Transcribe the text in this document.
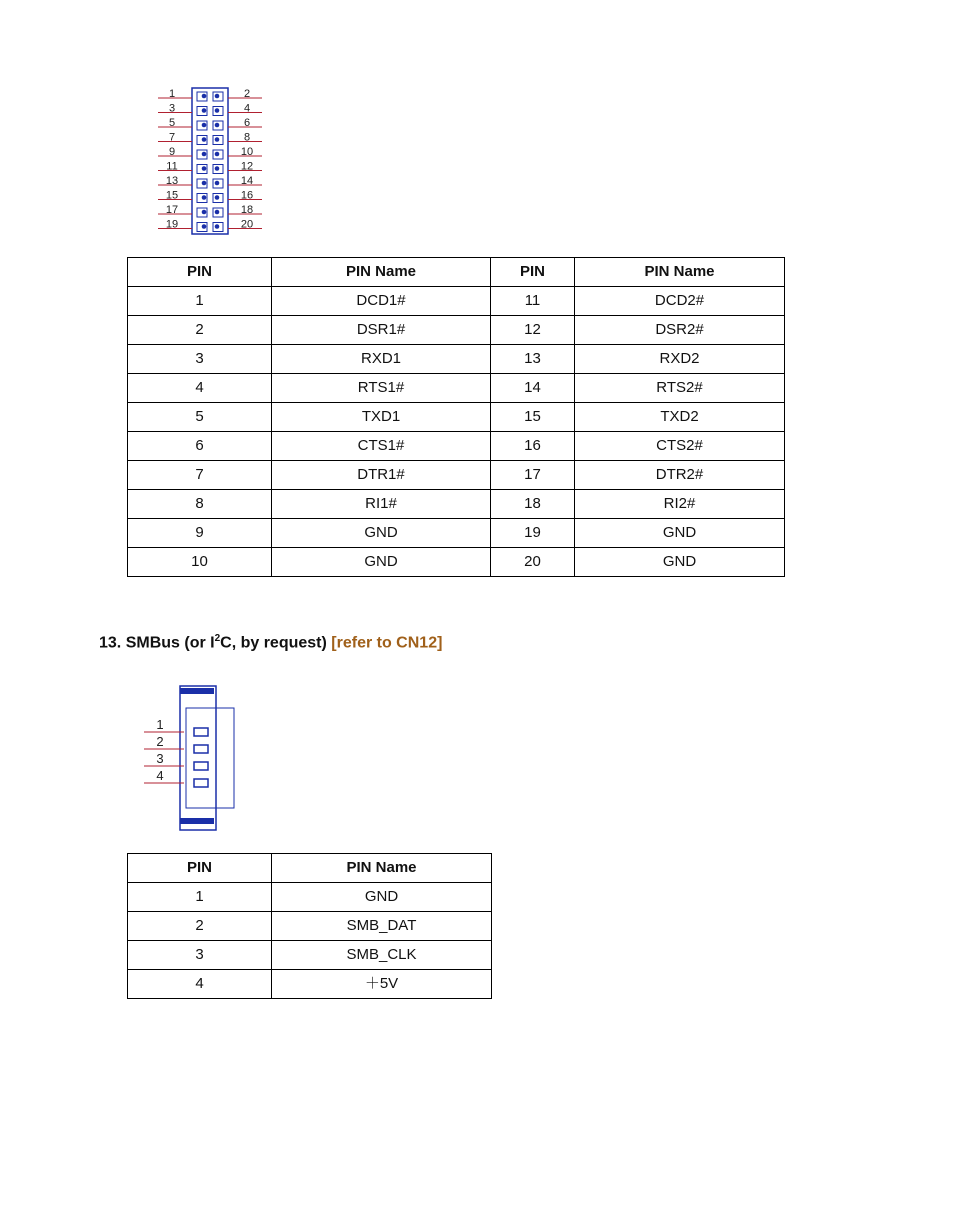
1	2
3	4
5	6
7	8
9	10
11	12
13	14
15	16
17	18
19	20
PIN	PIN Name	PIN	PIN Name
1	DCD1#	11	DCD2#
2	DSR1#	12	DSR2#
3	RXD1	13	RXD2
4	RTS1#	14	RTS2#
5	TXD1	15	TXD2
6	CTS1#	16	CTS2#
7	DTR1#	17	DTR2#
8	RI1#	18	RI2#
9	GND	19	GND
10	GND	20	GND
13. SMBus (or $I^2C$, by request) [refer to CN12]
1
2
3
4
PIN	PIN Name
1	GND
2	SMB_DAT
3	SMB_CLK
4	＋5V
